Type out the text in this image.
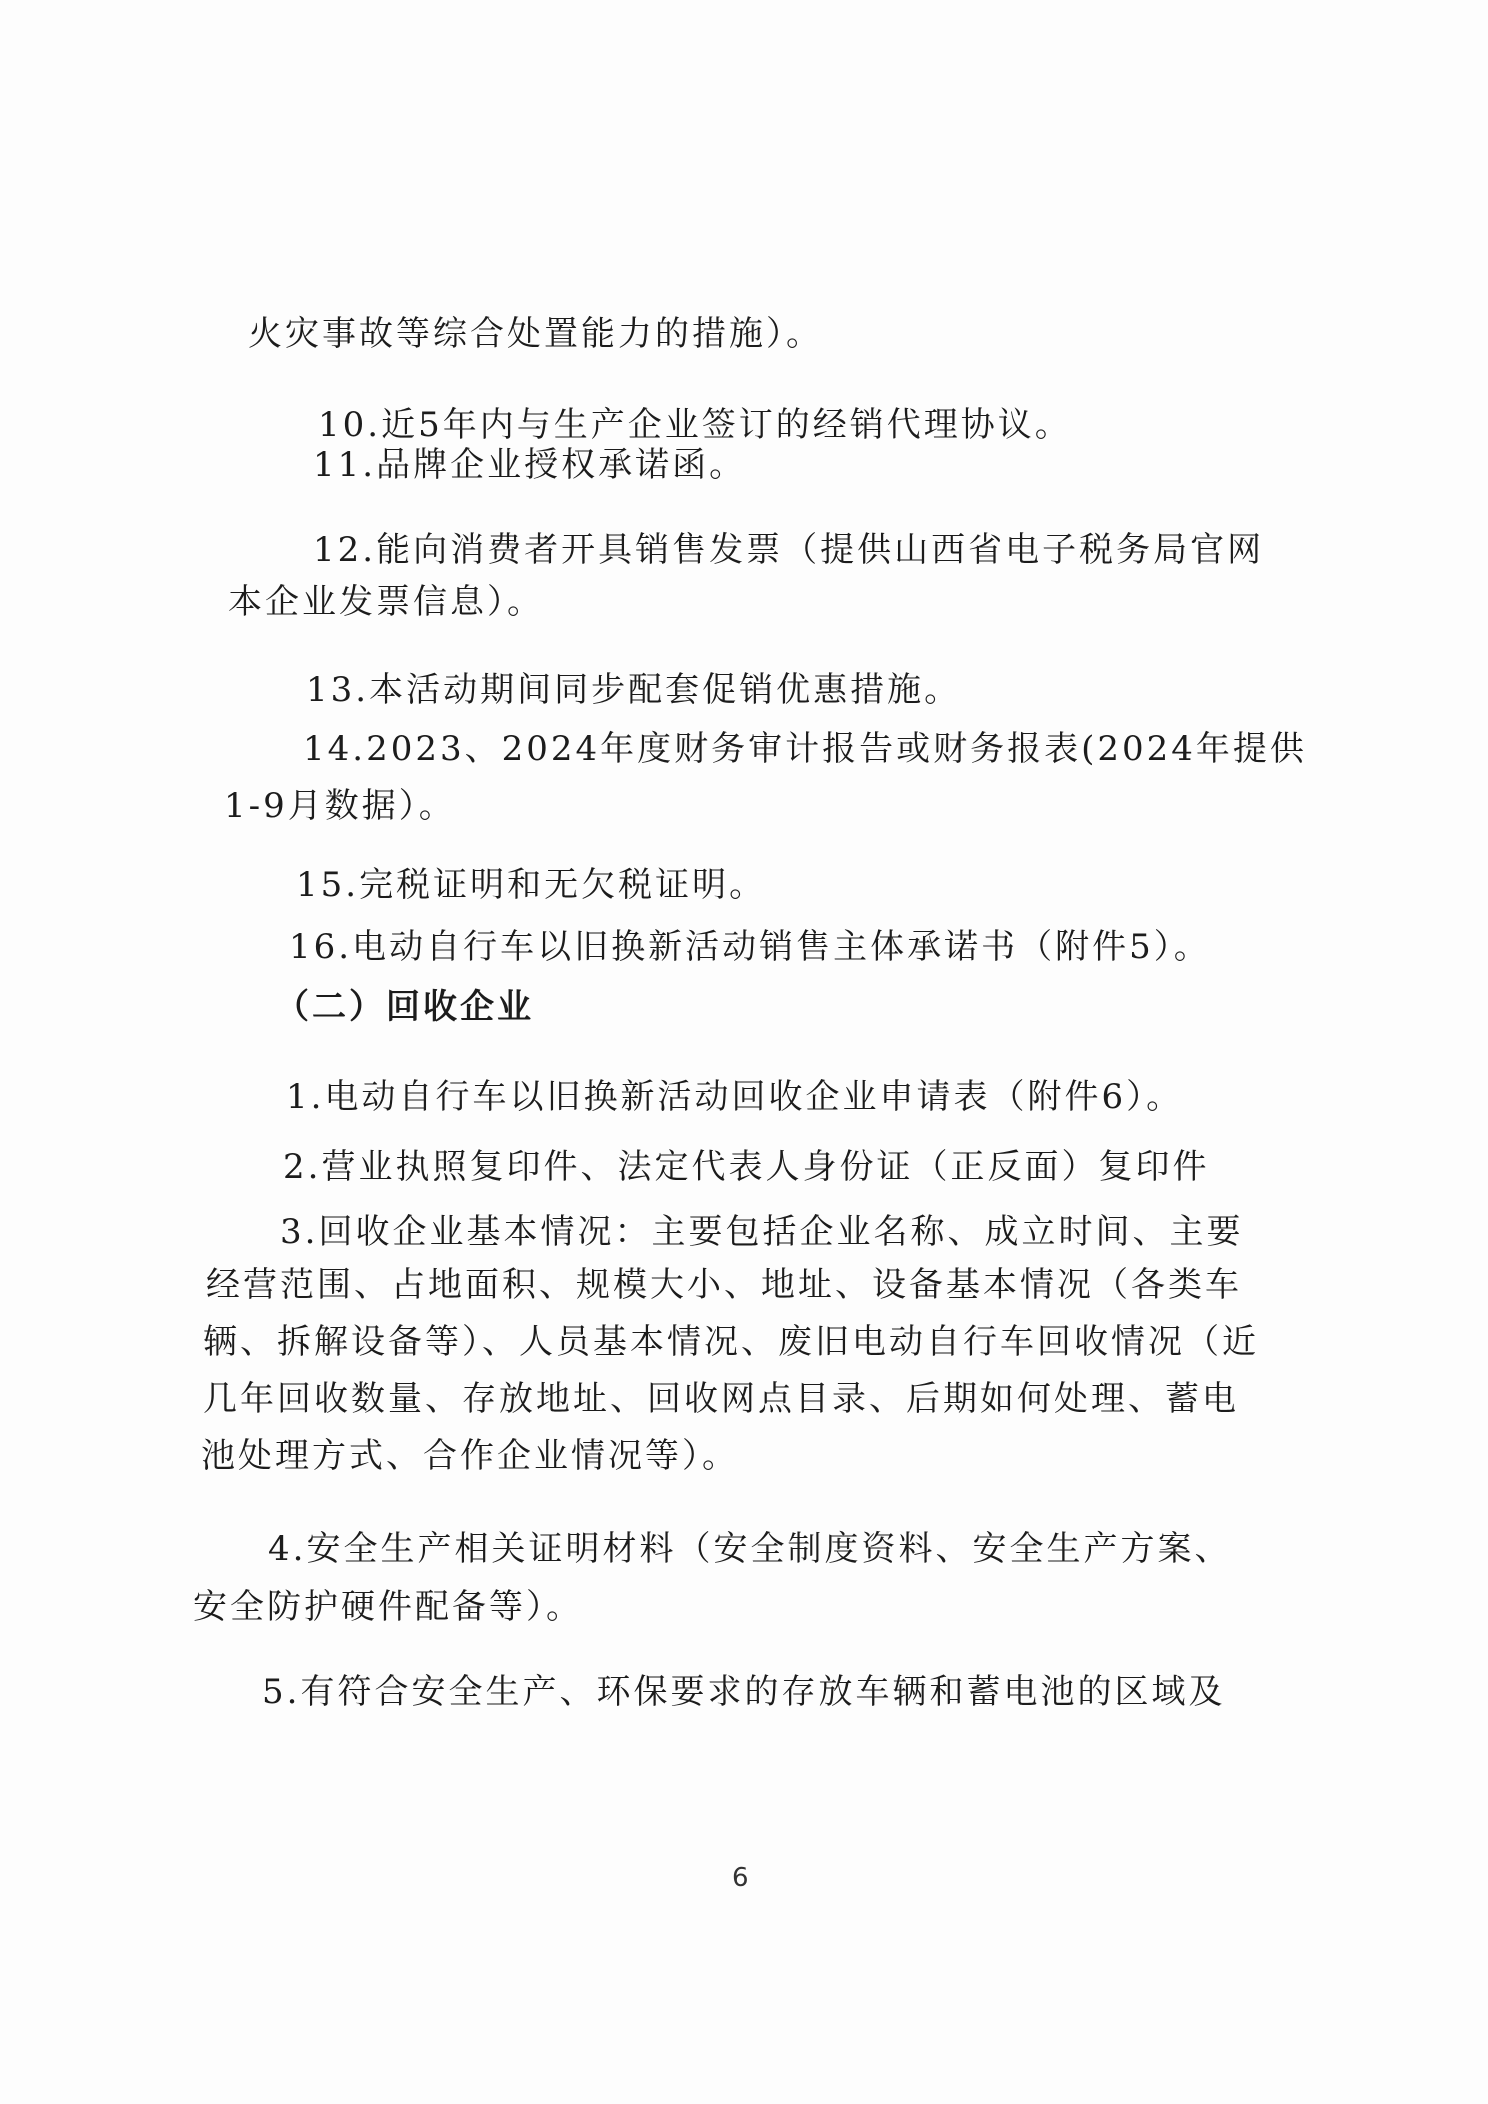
火灾事故等综合处置能力的措施）。
10.近5年内与生产企业签订的经销代理协议。
11.品牌企业授权承诺函。
12.能向消费者开具销售发票（提供山西省电子税务局官网
本企业发票信息）。
13.本活动期间同步配套促销优惠措施。
14.2023、2024年度财务审计报告或财务报表(2024年提供
1-9月数据）。
15.完税证明和无欠税证明。
16.电动自行车以旧换新活动销售主体承诺书（附件5）。
（二）回收企业
1.电动自行车以旧换新活动回收企业申请表（附件6）。
2.营业执照复印件、法定代表人身份证（正反面）复印件
3.回收企业基本情况：主要包括企业名称、成立时间、主要
经营范围、占地面积、规模大小、地址、设备基本情况（各类车
辆、拆解设备等）、人员基本情况、废旧电动自行车回收情况（近
几年回收数量、存放地址、回收网点目录、后期如何处理、蓄电
池处理方式、合作企业情况等）。
4.安全生产相关证明材料（安全制度资料、安全生产方案、
安全防护硬件配备等）。
5.有符合安全生产、环保要求的存放车辆和蓄电池的区域及
6
